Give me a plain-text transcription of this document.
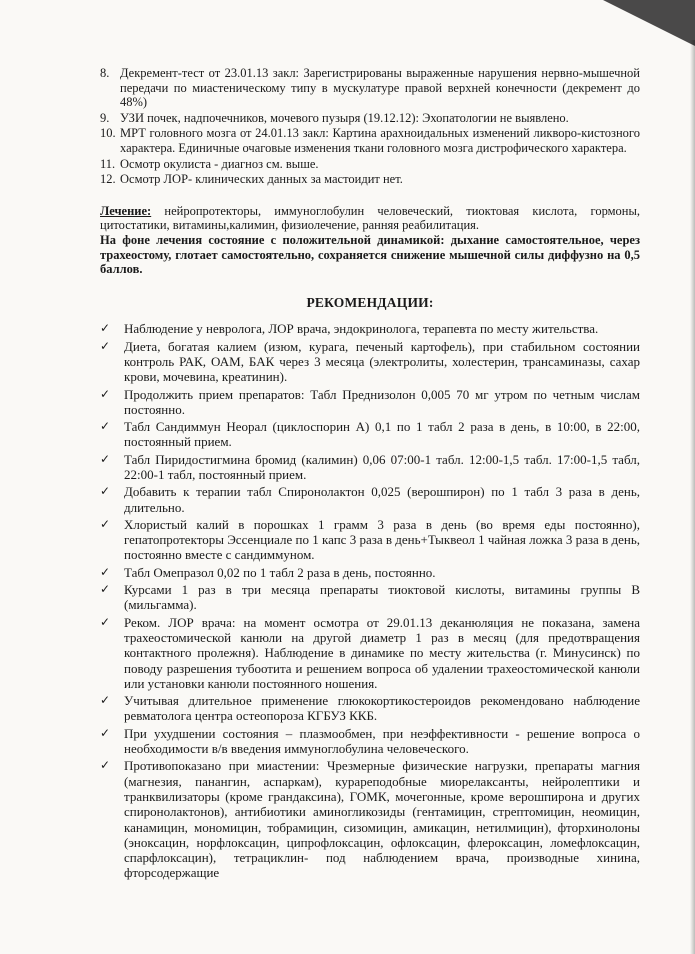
8. Декремент-тест от 23.01.13 закл: Зарегистрированы выраженные нарушения нервно-мышечной передачи по миастеническому типу в мускулатуре правой верхней конечности (декремент до 48%)
9. УЗИ почек, надпочечников, мочевого пузыря (19.12.12): Эхопатологии не выявлено.
10. МРТ головного мозга от 24.01.13 закл: Картина арахноидальных изменений ликворо-кистозного характера. Единичные очаговые изменения ткани головного мозга дистрофического характера.
11. Осмотр окулиста - диагноз см. выше.
12. Осмотр ЛОР- клинических данных за мастоидит нет.

Лечение: нейропротекторы, иммуноглобулин человеческий, тиоктовая кислота, гормоны, цитостатики, витамины,калимин, физиолечение, ранняя реабилитация.

На фоне лечения состояние с положительной динамикой: дыхание самостоятельное, через трахеостому, глотает самостоятельно, сохраняется снижение мышечной силы диффузно на 0,5 баллов.

РЕКОМЕНДАЦИИ:
✓ Наблюдение у невролога, ЛОР врача, эндокринолога, терапевта по месту жительства.
✓ Диета, богатая калием (изюм, курага, печеный картофель), при стабильном состоянии контроль РАК, ОАМ, БАК через 3 месяца (электролиты, холестерин, трансаминазы, сахар крови, мочевина, креатинин).
✓ Продолжить прием препаратов: Табл Преднизолон 0,005 70 мг утром по четным числам постоянно.
✓ Табл Сандиммун Неорал (циклоспорин А) 0,1 по 1 табл 2 раза в день, в 10:00, в 22:00, постоянный прием.
✓ Табл Пиридостигмина бромид (калимин) 0,06 07:00-1 табл. 12:00-1,5 табл. 17:00-1,5 табл, 22:00-1 табл, постоянный прием.
✓ Добавить к терапии табл Спиронолактон 0,025 (верошпирон) по 1 табл 3 раза в день, длительно.
✓ Хлористый калий в порошках 1 грамм 3 раза в день (во время еды постоянно), гепатопротекторы Эссенциале по 1 капс 3 раза в день+Тыквеол 1 чайная ложка 3 раза в день, постоянно вместе с сандиммуном.
✓ Табл Омепразол 0,02 по 1 табл 2 раза в день, постоянно.
✓ Курсами 1 раз в три месяца препараты тиоктовой кислоты, витамины группы В (мильгамма).
✓ Реком. ЛОР врача: на момент осмотра от 29.01.13 деканюляция не показана, замена трахеостомической канюли на другой диаметр 1 раз в месяц (для предотвращения контактного пролежня). Наблюдение в динамике по месту жительства (г. Минусинск) по поводу разрешения тубоотита и решением вопроса об удалении трахеостомической канюли или установки канюли постоянного ношения.
✓ Учитывая длительное применение глюкокортикостероидов рекомендовано наблюдение ревматолога центра остеопороза КГБУЗ ККБ.
✓ При ухудшении состояния – плазмообмен, при неэффективности - решение вопроса о необходимости в/в введения иммуноглобулина человеческого.
✓ Противопоказано при миастении: Чрезмерные физические нагрузки, препараты магния (магнезия, панангин, аспаркам), курареподобные миорелаксанты, нейролептики и транквилизаторы (кроме грандаксина), ГОМК, мочегонные, кроме верошпирона и других спиронолактонов), антибиотики аминогликозиды (гентамицин, стрептомицин, неомицин, канамицин, мономицин, тобрамицин, сизомицин, амикацин, нетилмицин), фторхинолоны (эноксацин, норфлоксацин, ципрофлоксацин, офлоксацин, флероксацин, ломефлоксацин, спарфлоксацин), тетрациклин- под наблюдением врача, производные хинина, фторсодержащие
